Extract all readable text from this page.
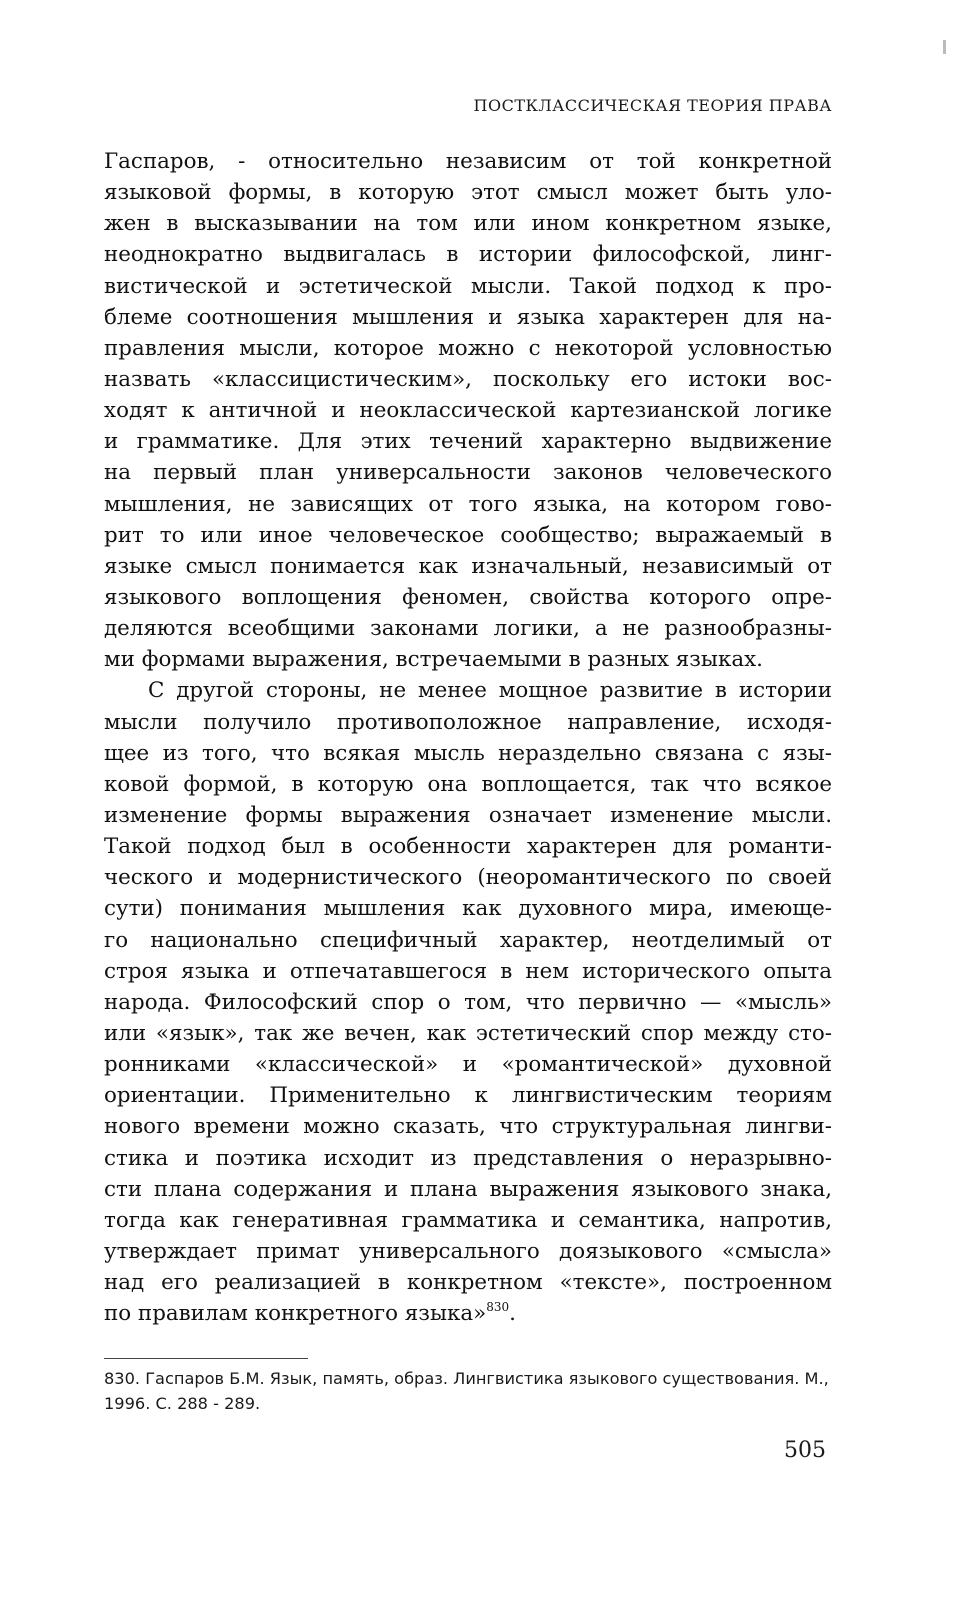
ПОСТКЛАССИЧЕСКАЯ ТЕОРИЯ ПРАВА
Гаспаров, - относительно независим от той конкретной
языковой формы, в которую этот смысл может быть уло-
жен в высказывании на том или ином конкретном языке,
неоднократно выдвигалась в истории философской, линг-
вистической и эстетической мысли. Такой подход к про-
блеме соотношения мышления и языка характерен для на-
правления мысли, которое можно с некоторой условностью
назвать «классицистическим», поскольку его истоки вос-
ходят к античной и неоклассической картезианской логике
и грамматике. Для этих течений характерно выдвижение
на первый план универсальности законов человеческого
мышления, не зависящих от того языка, на котором гово-
рит то или иное человеческое сообщество; выражаемый в
языке смысл понимается как изначальный, независимый от
языкового воплощения феномен, свойства которого опре-
деляются всеобщими законами логики, а не разнообразны-
ми формами выражения, встречаемыми в разных языках.
С другой стороны, не менее мощное развитие в истории
мысли получило противоположное направление, исходя-
щее из того, что всякая мысль нераздельно связана с язы-
ковой формой, в которую она воплощается, так что всякое
изменение формы выражения означает изменение мысли.
Такой подход был в особенности характерен для романти-
ческого и модернистического (неоромантического по своей
сути) понимания мышления как духовного мира, имеюще-
го национально специфичный характер, неотделимый от
строя языка и отпечатавшегося в нем исторического опыта
народа. Философский спор о том, что первично — «мысль»
или «язык», так же вечен, как эстетический спор между сто-
ронниками «классической» и «романтической» духовной
ориентации. Применительно к лингвистическим теориям
нового времени можно сказать, что структуральная лингви-
стика и поэтика исходит из представления о неразрывно-
сти плана содержания и плана выражения языкового знака,
тогда как генеративная грамматика и семантика, напротив,
утверждает примат универсального доязыкового «смысла»
над его реализацией в конкретном «тексте», построенном
по правилам конкретного языка»$^{830}$.
830. Гаспаров Б.М. Язык, память, образ. Лингвистика языкового существования. М.,
1996. С. 288 - 289.
505
